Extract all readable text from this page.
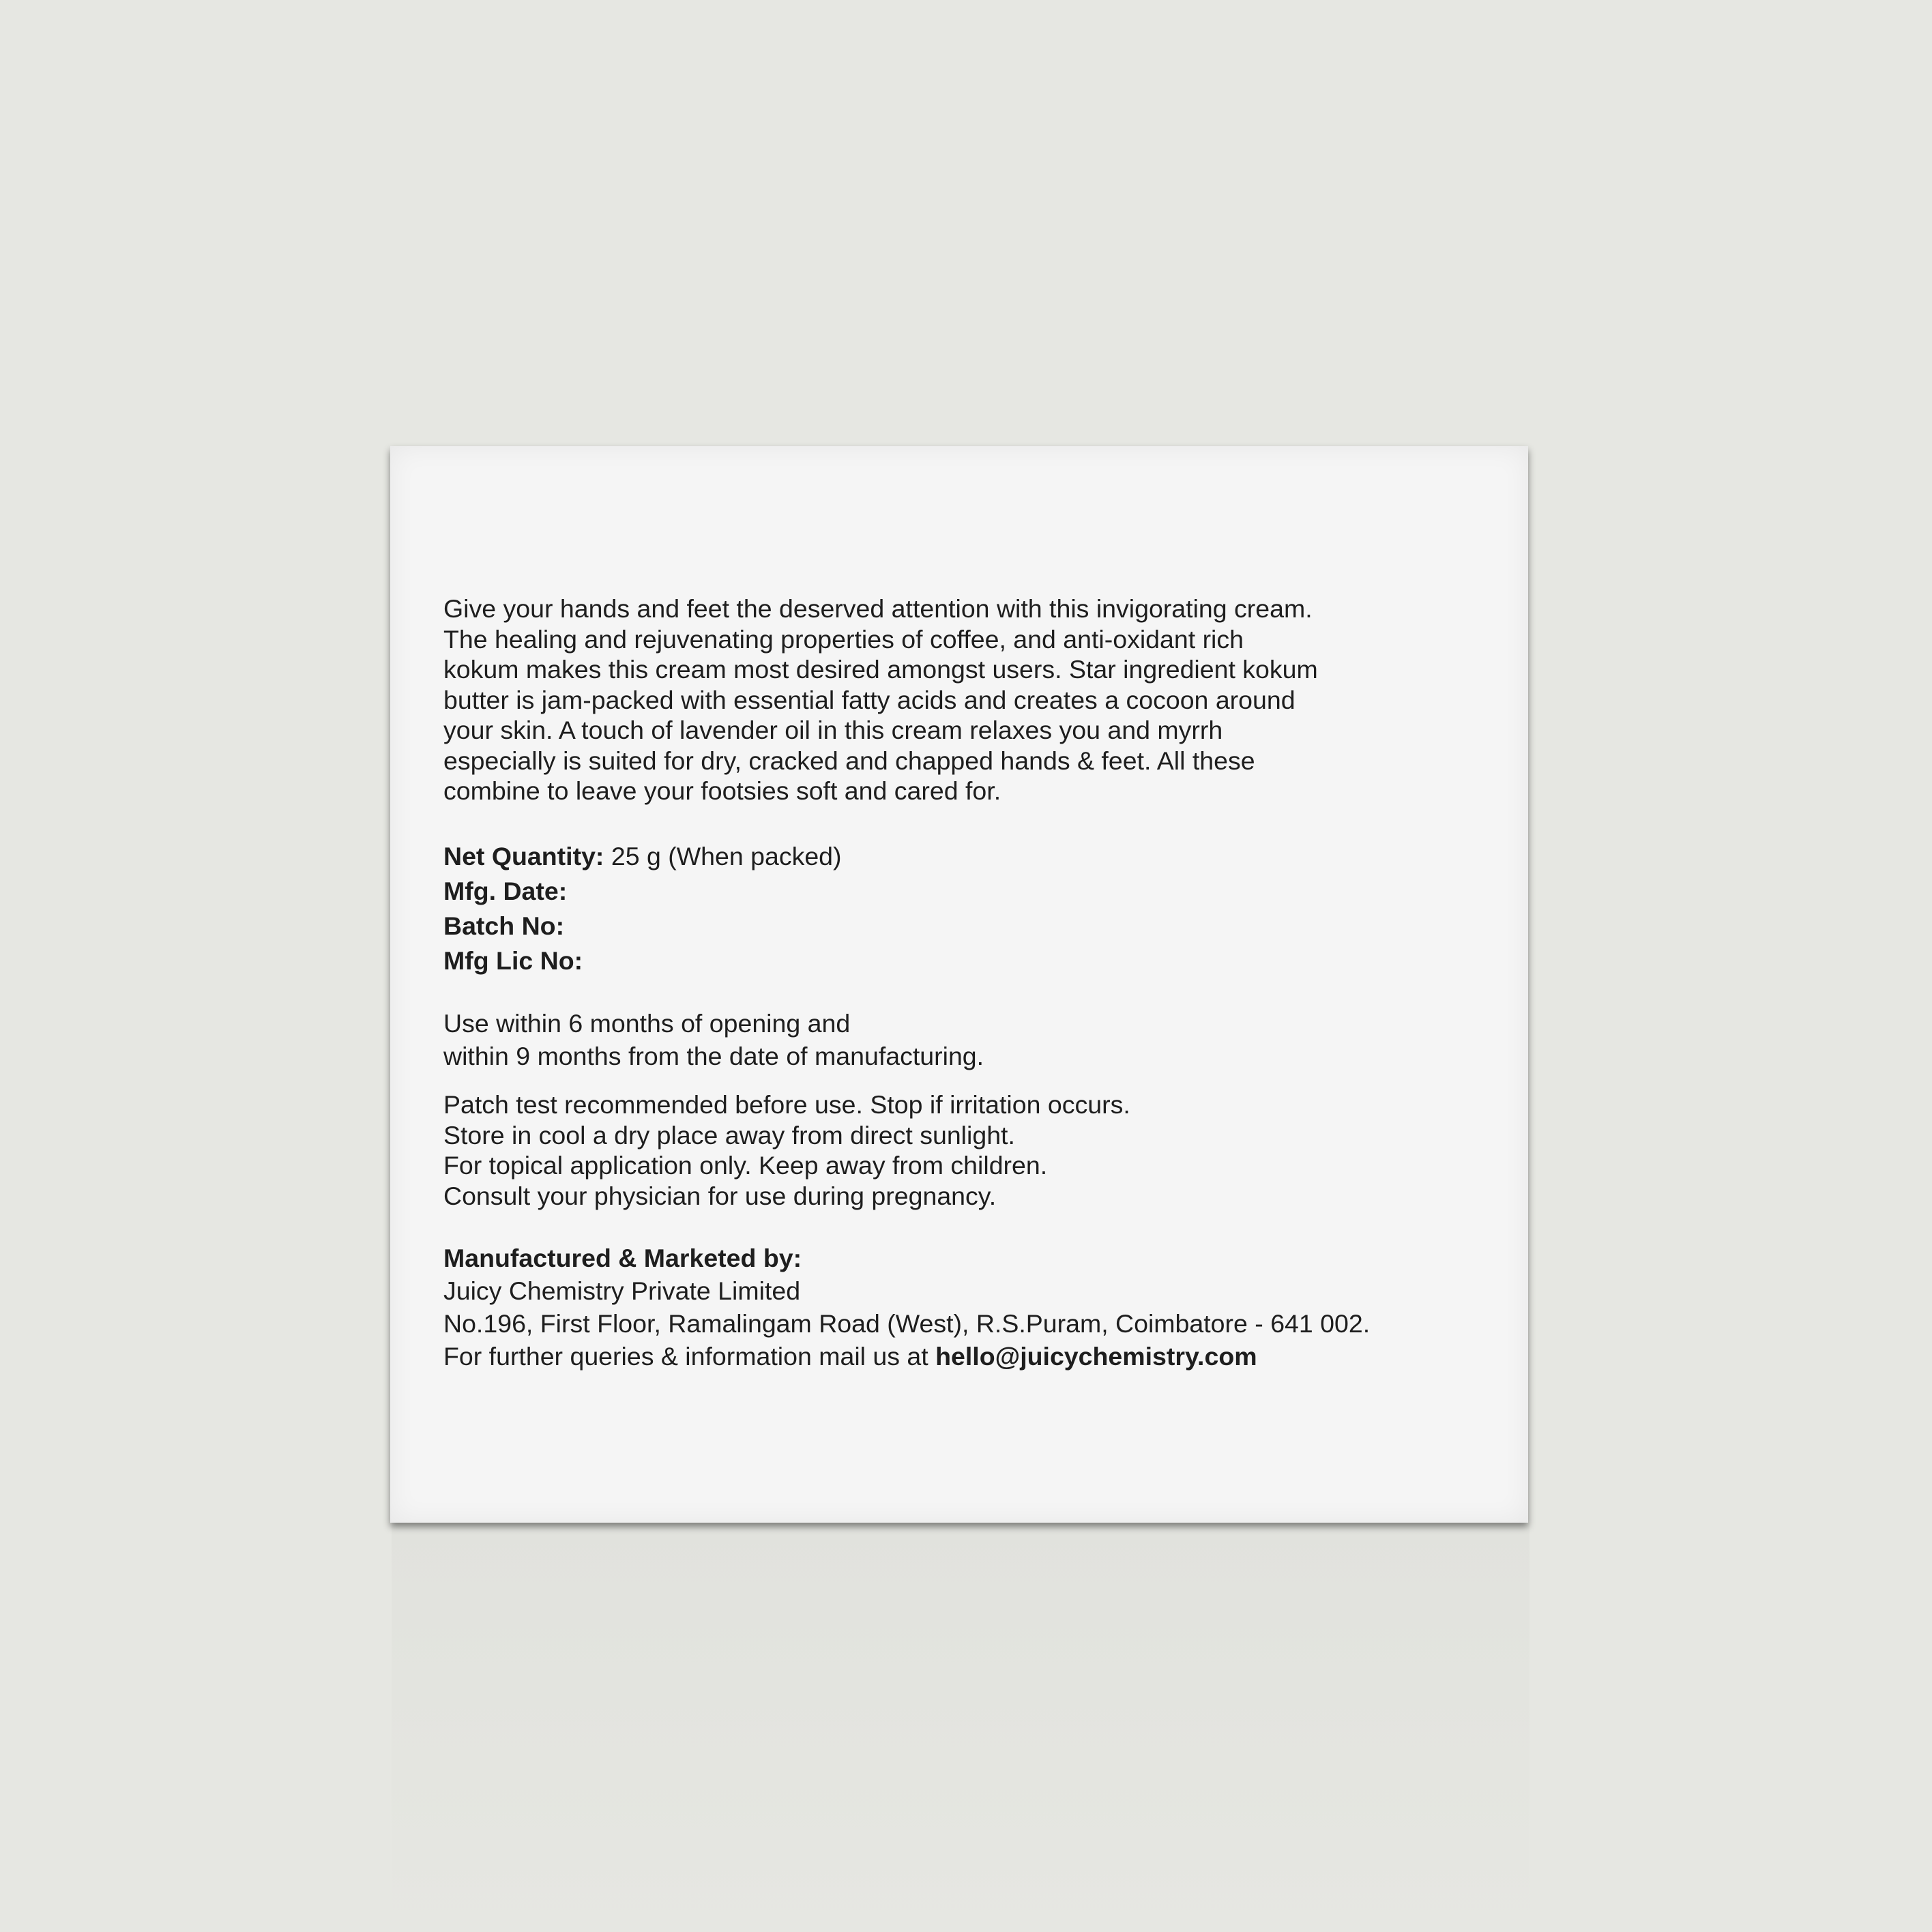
Give your hands and feet the deserved attention with this invigorating cream.
The healing and rejuvenating properties of coffee, and anti-oxidant rich
kokum makes this cream most desired amongst users. Star ingredient kokum
butter is jam-packed with essential fatty acids and creates a cocoon around
your skin. A touch of lavender oil in this cream relaxes you and myrrh
especially is suited for dry, cracked and chapped hands & feet. All these
combine to leave your footsies soft and cared for.
Net Quantity: 25 g (When packed)
Mfg. Date:
Batch No:
Mfg Lic No:
Use within 6 months of opening and
within 9 months from the date of manufacturing.
Patch test recommended before use. Stop if irritation occurs.
Store in cool a dry place away from direct sunlight.
For topical application only. Keep away from children.
Consult your physician for use during pregnancy.
Manufactured & Marketed by:
Juicy Chemistry Private Limited
No.196, First Floor, Ramalingam Road (West), R.S.Puram, Coimbatore - 641 002.
For further queries & information mail us at hello@juicychemistry.com
